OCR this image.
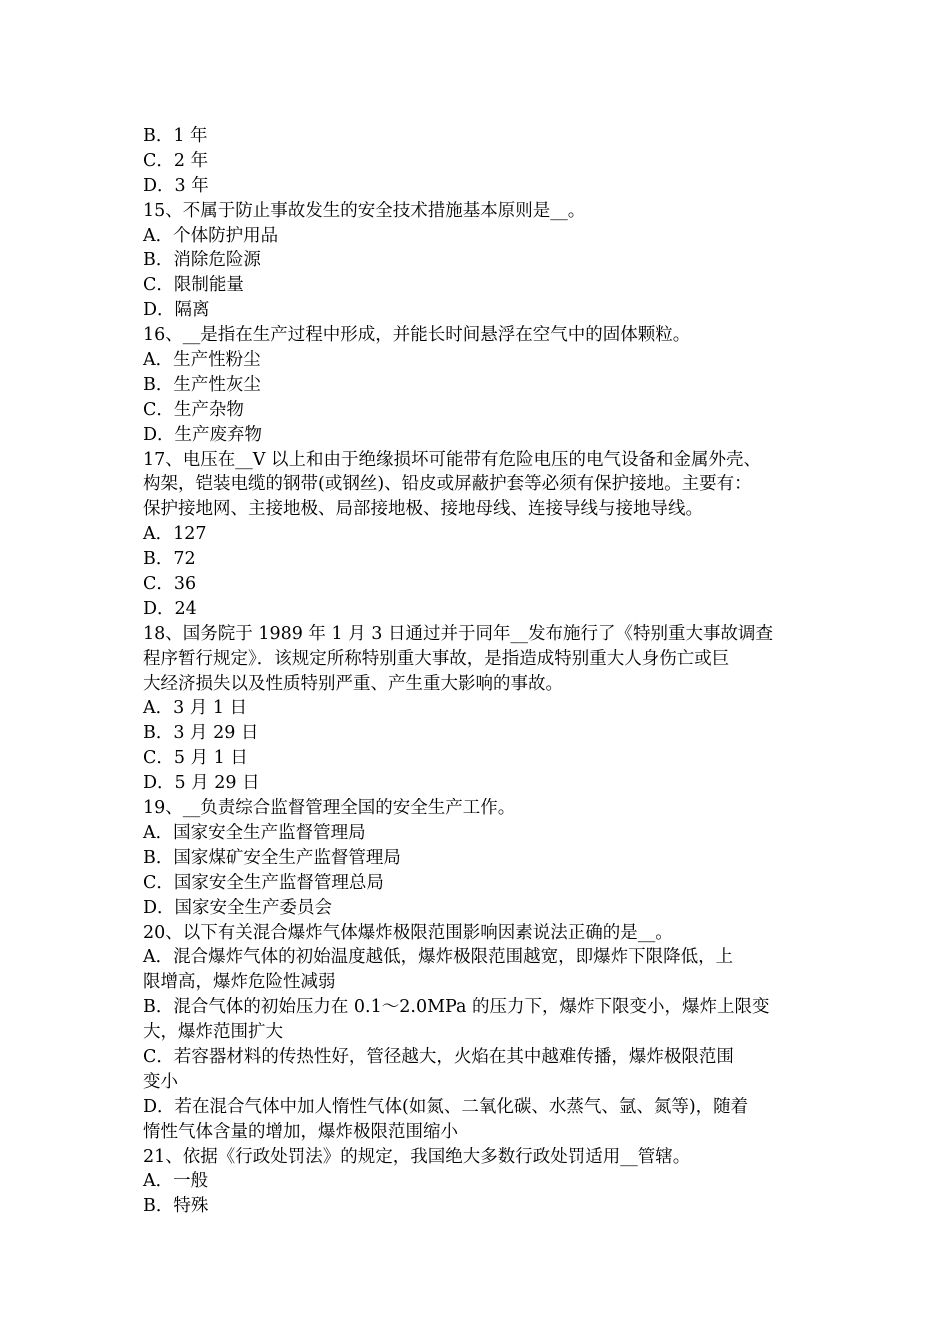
B．1 年
C．2 年
D．3 年
15、不属于防止事故发生的安全技术措施基本原则是__。
A．个体防护用品
B．消除危险源
C．限制能量
D．隔离
16、__是指在生产过程中形成，并能长时间悬浮在空气中的固体颗粒。
A．生产性粉尘
B．生产性灰尘
C．生产杂物
D．生产废弃物
17、电压在__V 以上和由于绝缘损坏可能带有危险电压的电气设备和金属外壳、
构架，铠装电缆的钢带(或钢丝)、铅皮或屏蔽护套等必须有保护接地。主要有：
保护接地网、主接地极、局部接地极、接地母线、连接导线与接地导线。
A．127
B．72
C．36
D．24
18、国务院于 1989 年 1 月 3 日通过并于同年__发布施行了《特别重大事故调查
程序暂行规定》．该规定所称特别重大事故，是指造成特别重大人身伤亡或巨
大经济损失以及性质特别严重、产生重大影响的事故。
A．3 月 1 日
B．3 月 29 日
C．5 月 1 日
D．5 月 29 日
19、__负责综合监督管理全国的安全生产工作。
A．国家安全生产监督管理局
B．国家煤矿安全生产监督管理局
C．国家安全生产监督管理总局
D．国家安全生产委员会
20、以下有关混合爆炸气体爆炸极限范围影响因素说法正确的是__。
A．混合爆炸气体的初始温度越低，爆炸极限范围越宽，即爆炸下限降低，上
限增高，爆炸危险性减弱
B．混合气体的初始压力在 0.1～2.0MPa 的压力下，爆炸下限变小，爆炸上限变
大，爆炸范围扩大
C．若容器材料的传热性好，管径越大，火焰在其中越难传播，爆炸极限范围
变小
D．若在混合气体中加人惰性气体(如氮、二氧化碳、水蒸气、氩、氮等)，随着
惰性气体含量的增加，爆炸极限范围缩小
21、依据《行政处罚法》的规定，我国绝大多数行政处罚适用__管辖。
A．一般
B．特殊
